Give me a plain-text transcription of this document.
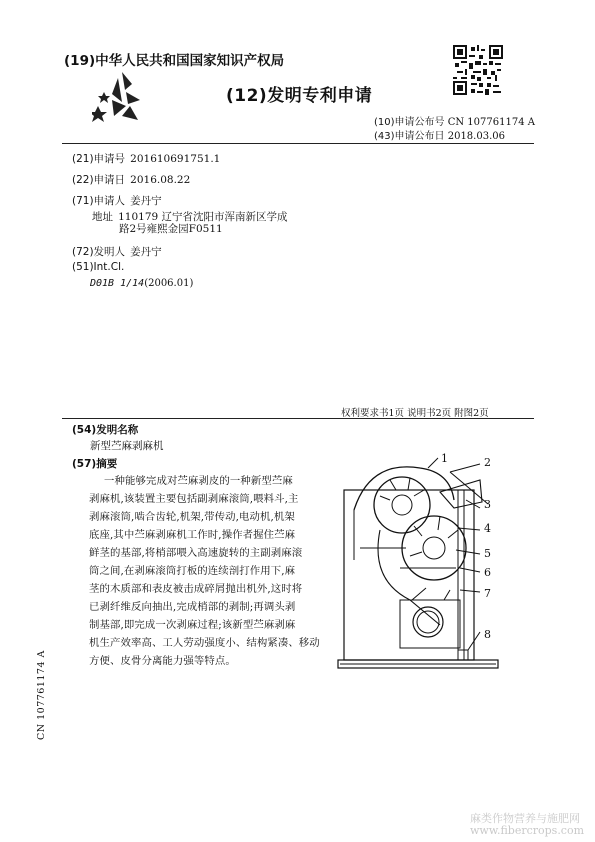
(19)中华人民共和国国家知识产权局
(12)发明专利申请
(10)申请公布号 CN 107761174 A
(43)申请公布日 2018.03.06
(21)申请号 201610691751.1
(22)申请日 2016.08.22
(71)申请人 姜丹宁
地址 110179 辽宁省沈阳市浑南新区学成
路2号雍熙金园F0511
(72)发明人 姜丹宁
(51)Int.Cl.
D01B 1/14(2006.01)
权利要求书1页 说明书2页 附图2页
(54)发明名称
新型苎麻剥麻机
(57)摘要
一种能够完成对苎麻剥皮的一种新型苎麻
剥麻机,该装置主要包括副剥麻滚筒,喂料斗,主
剥麻滚筒,啮合齿轮,机架,带传动,电动机,机架
底座,其中苎麻剥麻机工作时,操作者握住苎麻
鲜茎的基部,将梢部喂入高速旋转的主副剥麻滚
筒之间,在剥麻滚筒打板的连续剖打作用下,麻
茎的木质部和表皮被击成碎屑抛出机外,这时将
已剥纤维反向抽出,完成梢部的剥制;再调头剥
制基部,即完成一次剥麻过程;该新型苎麻剥麻
机生产效率高、工人劳动强度小、结构紧凑、移动
方便、皮骨分离能力强等特点。
1	2
3
4
5
6
7
8
CN 107761174 A
麻类作物营养与施肥网
www.fibercrops.com
